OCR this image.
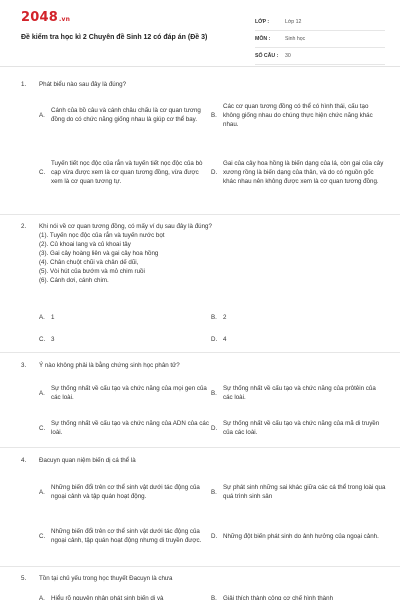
2048.vn
Đề kiểm tra học kì 2 Chuyên đề Sinh 12 có đáp án (Đề 3)
LỚP :	Lớp 12
MÔN :	Sinh học
SỐ CÂU :	30
1.	Phát biểu nào sau đây là đúng?
A.
Cánh của bồ câu và cánh châu chấu là cơ quan tương đồng do có chức năng giống nhau là giúp cơ thể bay.
B.
Các cơ quan tương đồng có thể có hình thái, cấu tạo không giống nhau do chúng thực hiện chức năng khác nhau.
C.
Tuyến tiết nọc độc của rắn và tuyến tiết nọc độc của bò cạp vừa được xem là cơ quan tương đồng, vừa được xem là cơ quan tương tự.
D.
Gai của cây hoa hồng là biến dạng của lá, còn gai của cây xương rồng là biến dạng của thân, và do có nguồn gốc khác nhau nên không được xem là cơ quan tương đồng.
2.	Khi nói về cơ quan tương đồng, có mấy ví dụ sau đây là đúng?
(1). Tuyến nọc độc của rắn và tuyến nước bọt
(2). Củ khoai lang và củ khoai tây
(3). Gai cây hoàng liên và gai cây hoa hồng
(4). Chân chuột chũi và chân dế dũi,
(5). Vòi hút của bướm và mỏ chim ruồi
(6). Cánh dơi, cánh chim.
A. 1	B. 2
C. 3	D. 4
3.	Ý nào không phải là bằng chứng sinh học phân tử?
A.
Sự thống nhất về cấu tạo và chức năng của mọi gen của các loài.
B.
Sự thống nhất về cấu tạo và chức năng của prôtêin của các loài.
C.
Sự thống nhất về cấu tạo và chức năng của ADN của các loài.
D.
Sự thống nhất về cấu tạo và chức năng của mã di truyền của các loài.
4.	Đacuyn quan niệm biến dị cá thể là
A.
Những biến đổi trên cơ thể sinh vật dưới tác động của ngoại cảnh và tập quán hoạt động.
B.
Sự phát sinh những sai khác giữa các cá thể trong loài qua quá trình sinh sản
C.
Những biến đổi trên cơ thể sinh vật dưới tác động của ngoại cảnh, tập quán hoạt động nhưng di truyền được.
D. Những đột biến phát sinh do ảnh hưởng của ngoại cảnh.
5.	Tồn tại chủ yếu trong học thuyết Đacuyn là chưa
A. Hiểu rõ nguyên nhân phát sinh biến dị và	B. Giải thích thành công cơ chế hình thành
